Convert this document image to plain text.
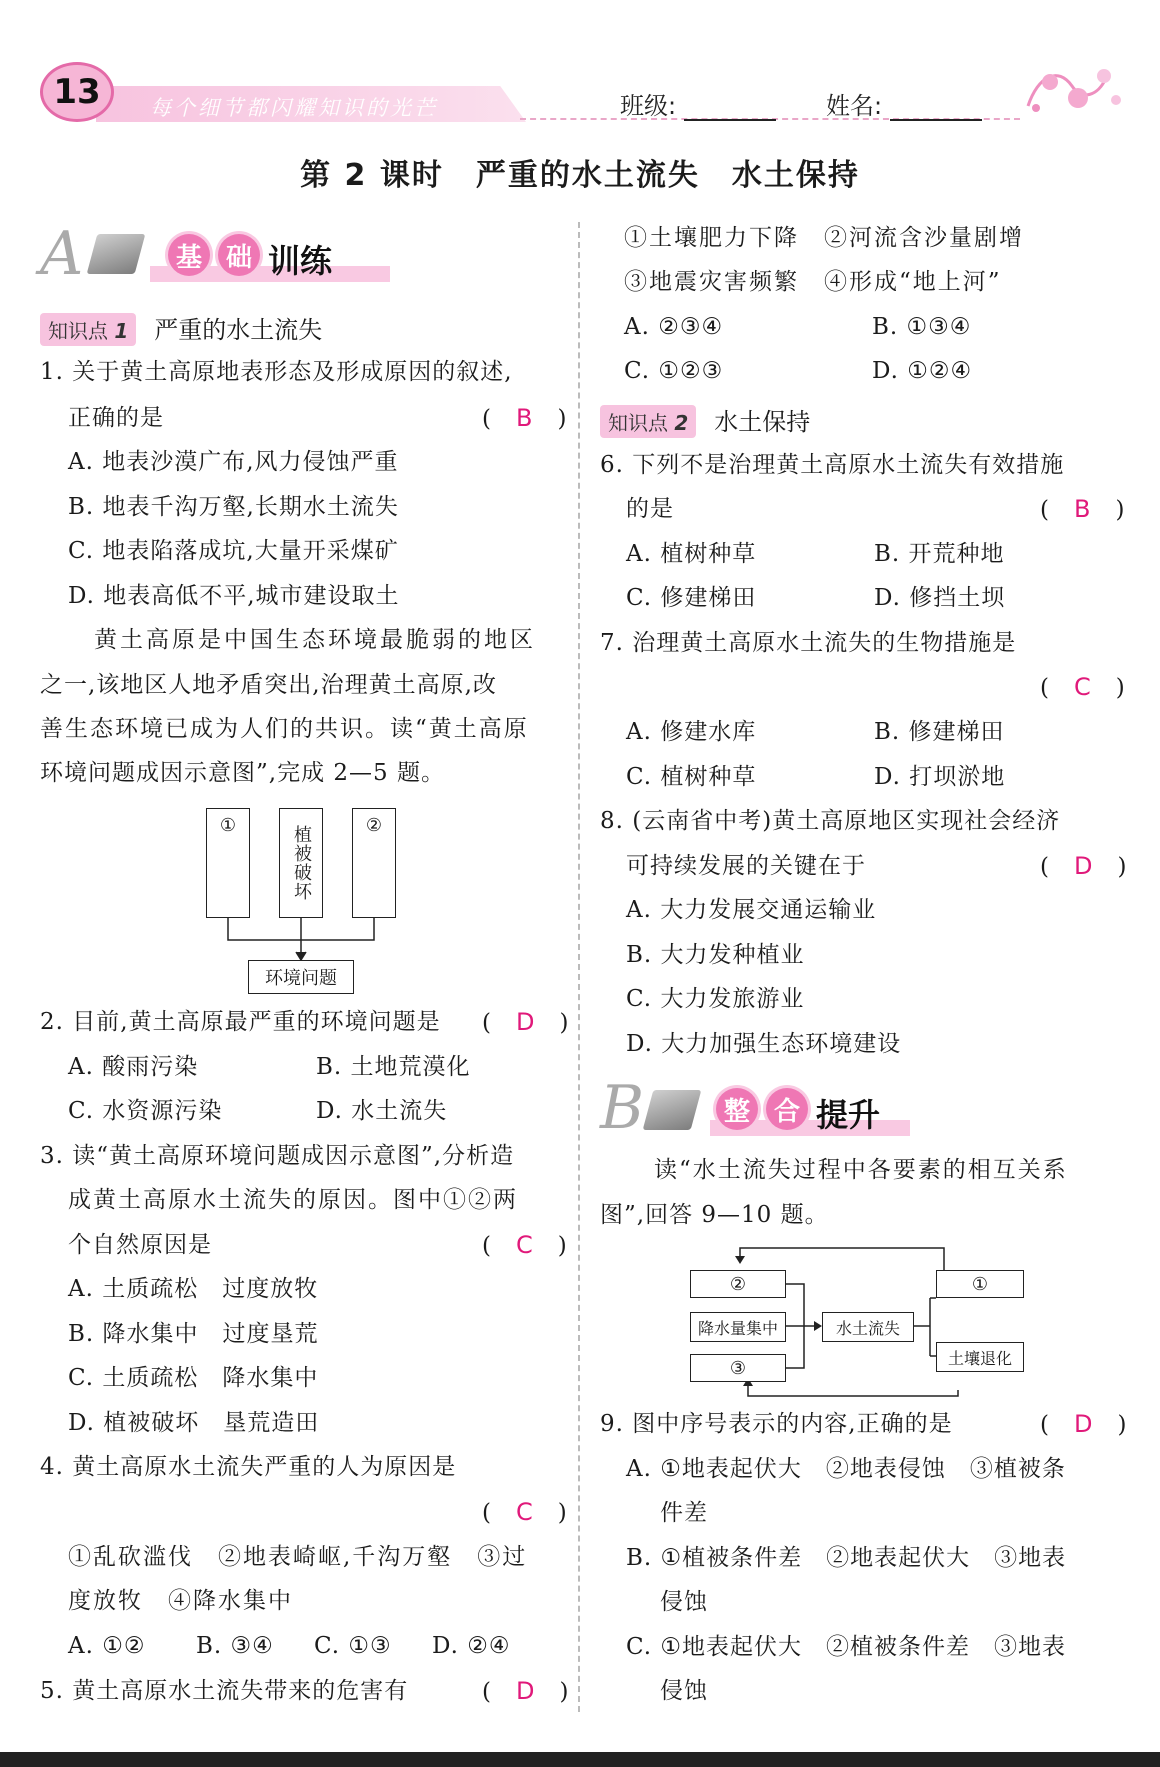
13	每个细节都闪耀知识的光芒	班级:	姓名:
第 2 课时　严重的水土流失　水土保持
A	基 础 训练
知识点 1 严重的水土流失
1. 关于黄土高原地表形态及形成原因的叙述,
正确的是	(　B　)
A. 地表沙漠广布,风力侵蚀严重
B. 地表千沟万壑,长期水土流失
C. 地表陷落成坑,大量开采煤矿
D. 地表高低不平,城市建设取土
黄土高原是中国生态环境最脆弱的地区
之一,该地区人地矛盾突出,治理黄土高原,改
善生态环境已成为人们的共识。读“黄土高原
环境问题成因示意图”,完成 2—5 题。
①	植被破坏	②
环境问题
2. 目前,黄土高原最严重的环境问题是 (　D　)
A. 酸雨污染	B. 土地荒漠化
C. 水资源污染	D. 水土流失
3. 读“黄土高原环境问题成因示意图”,分析造
成黄土高原水土流失的原因。图中①②两
个自然原因是	(　C　)
A. 土质疏松　过度放牧
B. 降水集中　过度垦荒
C. 土质疏松　降水集中
D. 植被破坏　垦荒造田
4. 黄土高原水土流失严重的人为原因是
(　C　)
①乱砍滥伐　②地表崎岖,千沟万壑　③过
度放牧　④降水集中
A. ①② B. ③④ C. ①③ D. ②④
5. 黄土高原水土流失带来的危害有	(　D　)
①土壤肥力下降　②河流含沙量剧增
③地震灾害频繁　④形成“地上河”
A. ②③④	B. ①③④
C. ①②③	D. ①②④
知识点 2 水土保持
6. 下列不是治理黄土高原水土流失有效措施
的是	(　B　)
A. 植树种草	B. 开荒种地
C. 修建梯田	D. 修挡土坝
7. 治理黄土高原水土流失的生物措施是
(　C　)
A. 修建水库	B. 修建梯田
C. 植树种草	D. 打坝淤地
8. (云南省中考)黄土高原地区实现社会经济
可持续发展的关键在于	(　D　)
A. 大力发展交通运输业
B. 大力发种植业
C. 大力发旅游业
D. 大力加强生态环境建设
B	整 合 提升
读“水土流失过程中各要素的相互关系
图”,回答 9—10 题。
②
降水量集中
③
水土流失
①
土壤退化
9. 图中序号表示的内容,正确的是	(　D　)
A. ①地表起伏大　②地表侵蚀　③植被条
件差
B. ①植被条件差　②地表起伏大　③地表
侵蚀
C. ①地表起伏大　②植被条件差　③地表
侵蚀
